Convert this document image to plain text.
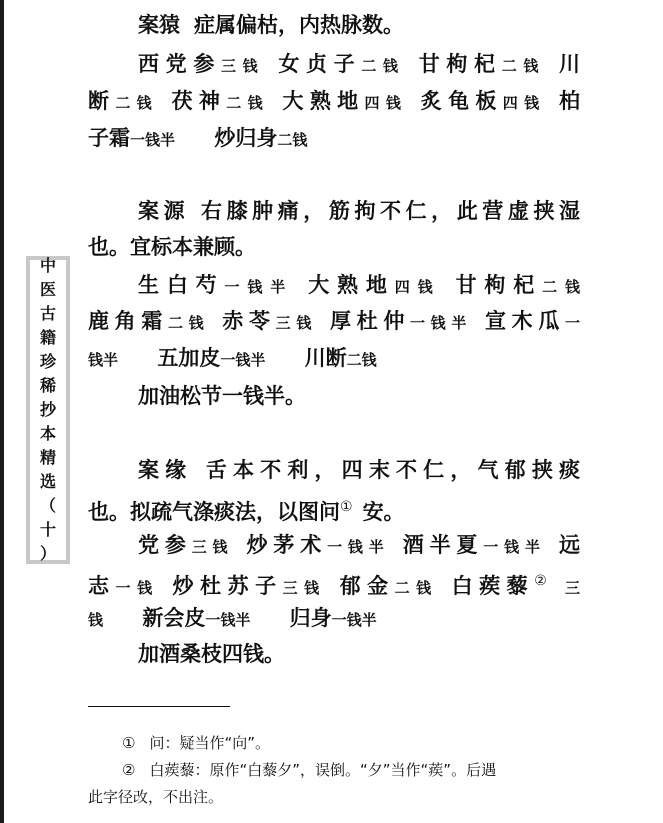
中
医
古
籍
珍
稀
抄
本
精
选
（
十
）
案猿 症属偏枯，内热脉数。
西党参三钱 女贞子二钱 甘枸杞二钱 川
断二钱 茯神二钱 大熟地四钱 炙龟板四钱 柏
子霜一钱半 炒归身二钱
案源 右膝肿痛，筋拘不仁，此营虚挟湿
也。宜标本兼顾。
生白芍一钱半 大熟地四钱 甘枸杞二钱
鹿角霜二钱 赤苓三钱 厚杜仲一钱半 宣木瓜一
钱半 五加皮一钱半 川断二钱
加油松节一钱半。
案缘 舌本不利，四末不仁，气郁挟痰
也。拟疏气涤痰法，以图问① 安。
党参三钱 炒茅术一钱半 酒半夏一钱半 远
志一钱 炒杜苏子三钱 郁金二钱 白蒺藜② 三
钱 新会皮一钱半 归身一钱半
加酒桑枝四钱。
① 问：疑当作“向”。
② 白蒺藜：原作“白藜夕”，误倒。“夕”当作“蒺”。后遇
此字径改，不出注。
